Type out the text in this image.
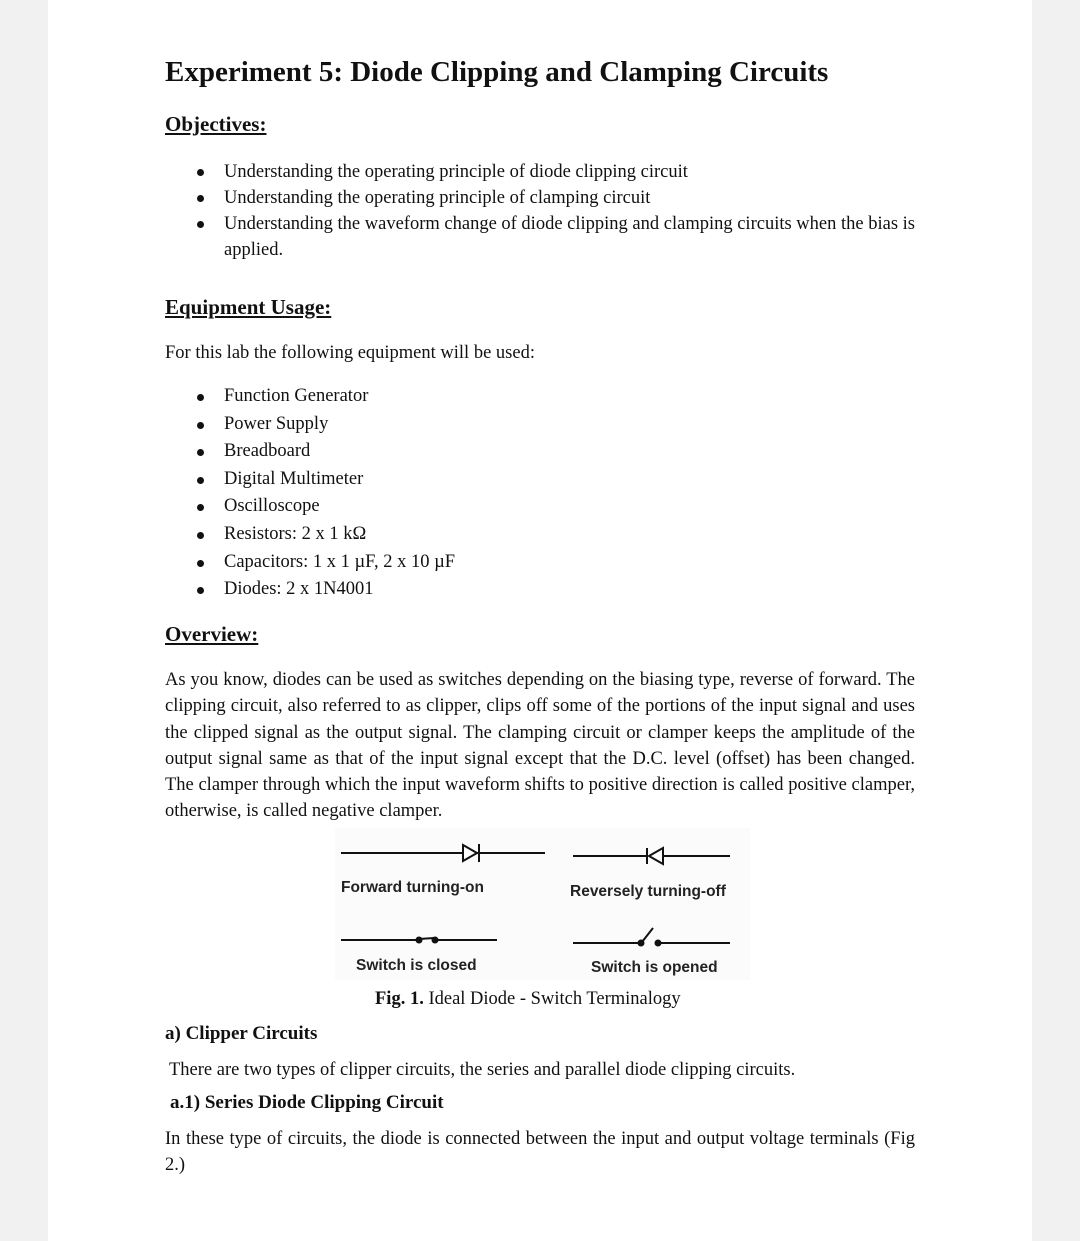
Experiment 5: Diode Clipping and Clamping Circuits
Objectives:
Understanding the operating principle of diode clipping circuit
Understanding the operating principle of clamping circuit
Understanding the waveform change of diode clipping and clamping circuits when the bias is applied.
Equipment Usage:

For this lab the following equipment will be used:

Function Generator
Power Supply
Breadboard
Digital Multimeter
Oscilloscope
Resistors: 2 x 1 kΩ
Capacitors: 1 x 1 µF, 2 x 10 µF
Diodes: 2 x 1N4001
Overview:

As you know, diodes can be used as switches depending on the biasing type, reverse of forward. The clipping circuit, also referred to as clipper, clips off some of the portions of the input signal and uses the clipped signal as the output signal. The clamping circuit or clamper keeps the amplitude of the output signal same as that of the input signal except that the D.C. level (offset) has been changed. The clamper through which the input waveform shifts to positive direction is called positive clamper, otherwise, is called negative clamper.

Forward turning-on	Reversely turning-off
Switch is closed	Switch is opened
Fig. 1. Ideal Diode - Switch Terminalogy
a) Clipper Circuits

There are two types of clipper circuits, the series and parallel diode clipping circuits.

a.1) Series Diode Clipping Circuit

In these type of circuits, the diode is connected between the input and output voltage terminals (Fig 2.)
